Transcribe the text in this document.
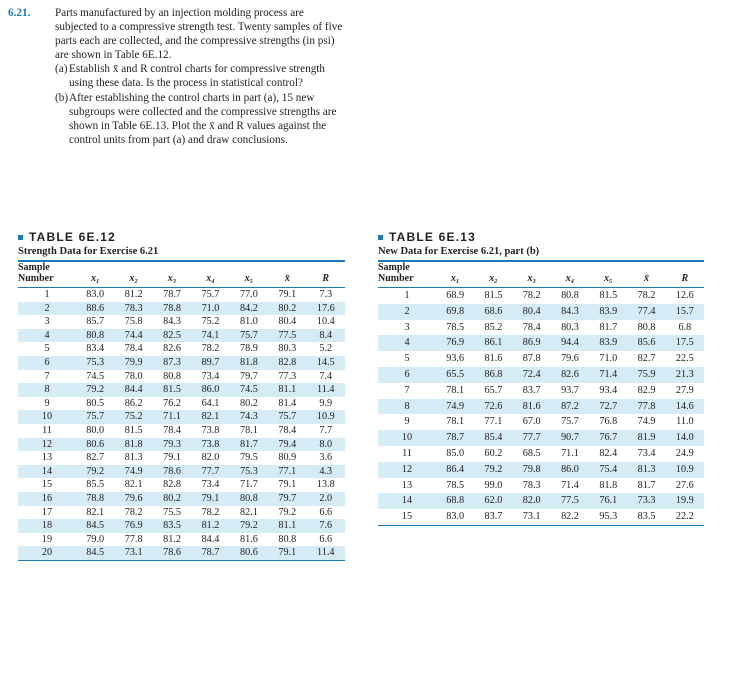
6.21. Parts manufactured by an injection molding process are subjected to a compressive strength test. Twenty samples of five parts each are collected, and the compressive strengths (in psi) are shown in Table 6E.12.
(a) Establish x̄ and R control charts for compressive strength using these data. Is the process in statistical control?
(b) After establishing the control charts in part (a), 15 new subgroups were collected and the compressive strengths are shown in Table 6E.13. Plot the x̄ and R values against the control units from part (a) and draw conclusions.
TABLE 6E.12
Strength Data for Exercise 6.21
Sample Number	x₁	x₂	x₃	x₄	x₅	x̄	R
1	83.0	81.2	78.7	75.7	77.0	79.1	7.3
2	88.6	78.3	78.8	71.0	84.2	80.2	17.6
3	85.7	75.8	84.3	75.2	81.0	80.4	10.4
4	80.8	74.4	82.5	74.1	75.7	77.5	8.4
5	83.4	78.4	82.6	78.2	78.9	80.3	5.2
6	75.3	79.9	87.3	89.7	81.8	82.8	14.5
7	74.5	78.0	80.8	73.4	79.7	77.3	7.4
8	79.2	84.4	81.5	86.0	74.5	81.1	11.4
9	80.5	86.2	76.2	64.1	80.2	81.4	9.9
10	75.7	75.2	71.1	82.1	74.3	75.7	10.9
11	80.0	81.5	78.4	73.8	78.1	78.4	7.7
12	80.6	81.8	79.3	73.8	81.7	79.4	8.0
13	82.7	81.3	79.1	82.0	79.5	80.9	3.6
14	79.2	74.9	78.6	77.7	75.3	77.1	4.3
15	85.5	82.1	82.8	73.4	71.7	79.1	13.8
16	78.8	79.6	80.2	79.1	80.8	79.7	2.0
17	82.1	78.2	75.5	78.2	82.1	79.2	6.6
18	84.5	76.9	83.5	81.2	79.2	81.1	7.6
19	79.0	77.8	81.2	84.4	81.6	80.8	6.6
20	84.5	73.1	78.6	78.7	80.6	79.1	11.4
TABLE 6E.13
New Data for Exercise 6.21, part (b)
Sample Number	x₁	x₂	x₃	x₄	x₅	x̄	R
1	68.9	81.5	78.2	80.8	81.5	78.2	12.6
2	69.8	68.6	80.4	84.3	83.9	77.4	15.7
3	78.5	85.2	78.4	80.3	81.7	80.8	6.8
4	76.9	86.1	86.9	94.4	83.9	85.6	17.5
5	93.6	81.6	87.8	79.6	71.0	82.7	22.5
6	65.5	86.8	72.4	82.6	71.4	75.9	21.3
7	78.1	65.7	83.7	93.7	93.4	82.9	27.9
8	74.9	72.6	81.6	87.2	72.7	77.8	14.6
9	78.1	77.1	67.0	75.7	76.8	74.9	11.0
10	78.7	85.4	77.7	90.7	76.7	81.9	14.0
11	85.0	60.2	68.5	71.1	82.4	73.4	24.9
12	86.4	79.2	79.8	86.0	75.4	81.3	10.9
13	78.5	99.0	78.3	71.4	81.8	81.7	27.6
14	68.8	62.0	82.0	77.5	76.1	73.3	19.9
15	83.0	83.7	73.1	82.2	95.3	83.5	22.2
